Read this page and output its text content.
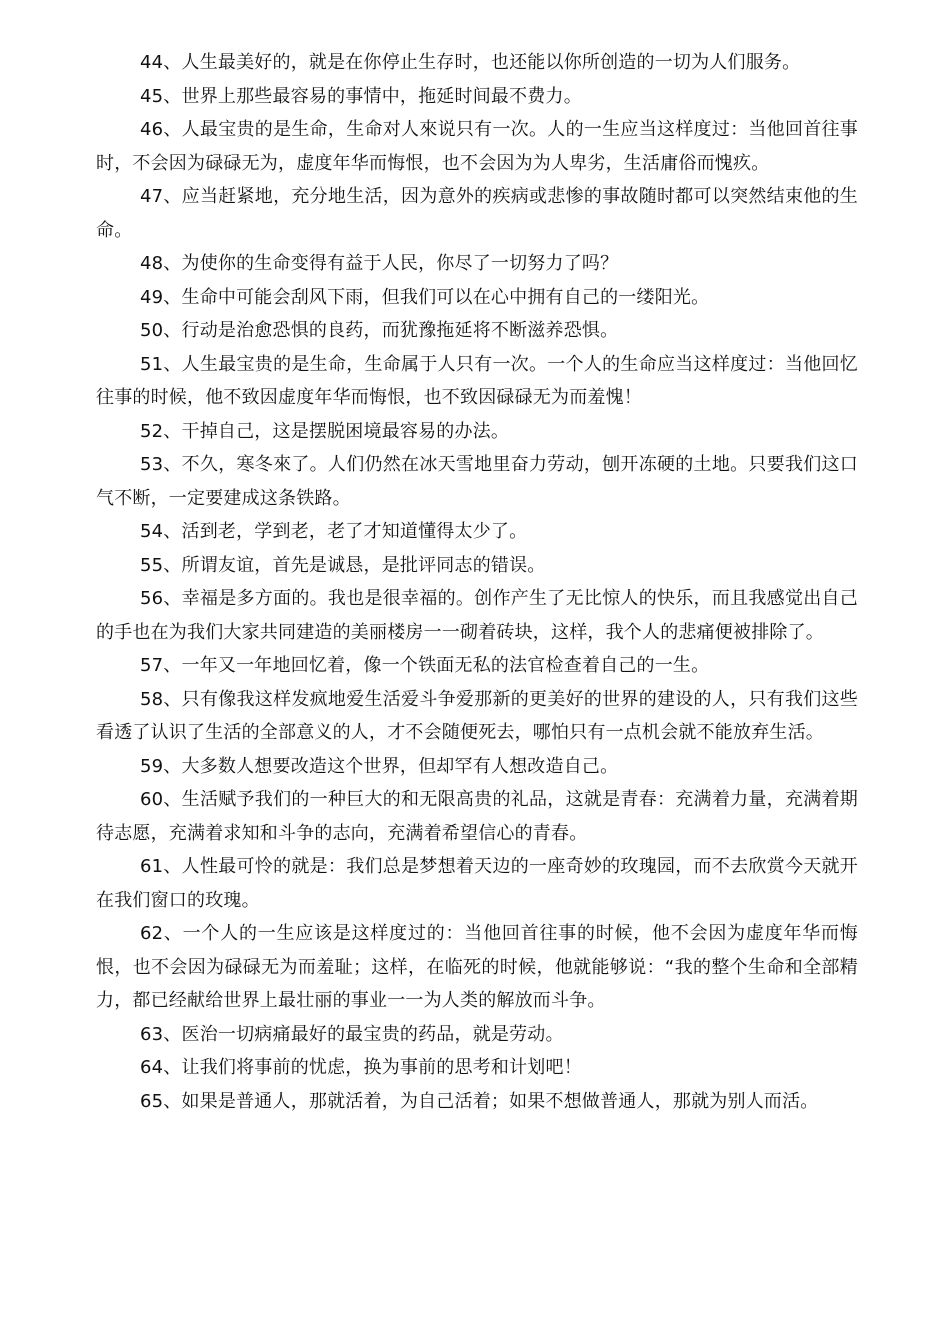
44、人生最美好的，就是在你停止生存时，也还能以你所创造的一切为人们服务。

45、世界上那些最容易的事情中，拖延时间最不费力。

46、人最宝贵的是生命，生命对人來说只有一次。人的一生应当这样度过：当他回首往事时，不会因为碌碌无为，虚度年华而悔恨，也不会因为为人卑劣，生活庸俗而愧疚。

47、应当赶紧地，充分地生活，因为意外的疾病或悲惨的事故随时都可以突然结束他的生命。

48、为使你的生命变得有益于人民，你尽了一切努力了吗？

49、生命中可能会刮风下雨，但我们可以在心中拥有自己的一缕阳光。

50、行动是治愈恐惧的良药，而犹豫拖延将不断滋养恐惧。

51、人生最宝贵的是生命，生命属于人只有一次。一个人的生命应当这样度过：当他回忆往事的时候，他不致因虚度年华而悔恨，也不致因碌碌无为而羞愧！

52、干掉自己，这是摆脱困境最容易的办法。

53、不久，寒冬來了。人们仍然在冰天雪地里奋力劳动，刨开冻硬的土地。只要我们这口气不断，一定要建成这条铁路。

54、活到老，学到老，老了才知道懂得太少了。

55、所谓友谊，首先是诚恳，是批评同志的错误。

56、幸福是多方面的。我也是很幸福的。创作产生了无比惊人的快乐，而且我感觉出自己的手也在为我们大家共同建造的美丽楼房一一砌着砖块，这样，我个人的悲痛便被排除了。

57、一年又一年地回忆着，像一个铁面无私的法官检查着自己的一生。

58、只有像我这样发疯地爱生活爱斗争爱那新的更美好的世界的建设的人，只有我们这些看透了认识了生活的全部意义的人，才不会随便死去，哪怕只有一点机会就不能放弃生活。

59、大多数人想要改造这个世界，但却罕有人想改造自己。

60、生活赋予我们的一种巨大的和无限高贵的礼品，这就是青春：充满着力量，充满着期待志愿，充满着求知和斗争的志向，充满着希望信心的青春。

61、人性最可怜的就是：我们总是梦想着天边的一座奇妙的玫瑰园，而不去欣赏今天就开在我们窗口的玫瑰。

62、一个人的一生应该是这样度过的：当他回首往事的时候，他不会因为虚度年华而悔恨，也不会因为碌碌无为而羞耻；这样，在临死的时候，他就能够说：“我的整个生命和全部精力，都已经献给世界上最壮丽的事业一一为人类的解放而斗争。

63、医治一切病痛最好的最宝贵的药品，就是劳动。

64、让我们将事前的忧虑，换为事前的思考和计划吧！

65、如果是普通人，那就活着，为自己活着；如果不想做普通人，那就为别人而活。
